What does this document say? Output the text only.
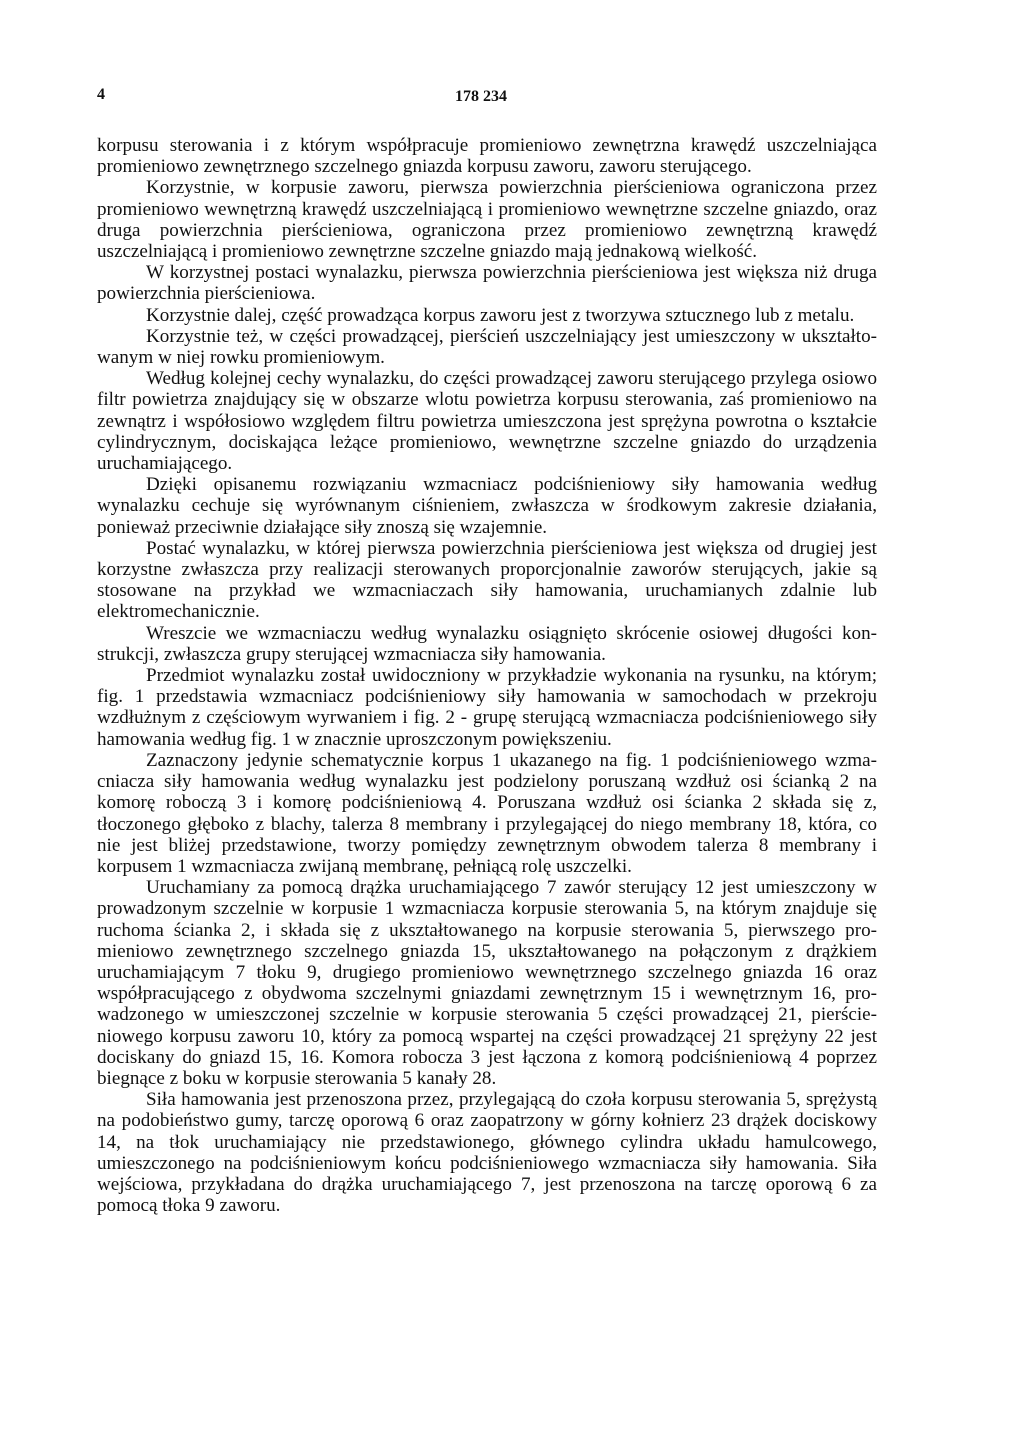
4	178 234

korpusu sterowania i z którym współpracuje promieniowo zewnętrzna krawędź uszczelniająca promieniowo zewnętrznego szczelnego gniazda korpusu zaworu, zaworu sterującego.

Korzystnie, w korpusie zaworu, pierwsza powierzchnia pierścieniowa ograniczona przez promieniowo wewnętrzną krawędź uszczelniającą i promieniowo wewnętrzne szczelne gniazdo, oraz druga powierzchnia pierścieniowa, ograniczona przez promieniowo zewnętrzną krawędź uszczelniającą i promieniowo zewnętrzne szczelne gniazdo mają jednakową wielkość.

W korzystnej postaci wynalazku, pierwsza powierzchnia pierścieniowa jest większa niż druga powierzchnia pierścieniowa.

Korzystnie dalej, część prowadząca korpus zaworu jest z tworzywa sztucznego lub z metalu.

Korzystnie też, w części prowadzącej, pierścień uszczelniający jest umieszczony w ukształtowanym w niej rowku promieniowym.

Według kolejnej cechy wynalazku, do części prowadzącej zaworu sterującego przylega osiowo filtr powietrza znajdujący się w obszarze wlotu powietrza korpusu sterowania, zaś promieniowo na zewnątrz i współosiowo względem filtru powietrza umieszczona jest sprężyna powrotna o kształcie cylindrycznym, dociskająca leżące promieniowo, wewnętrzne szczelne gniazdo do urządzenia uruchamiającego.

Dzięki opisanemu rozwiązaniu wzmacniacz podciśnieniowy siły hamowania według wynalazku cechuje się wyrównanym ciśnieniem, zwłaszcza w środkowym zakresie działania, ponieważ przeciwnie działające siły znoszą się wzajemnie.

Postać wynalazku, w której pierwsza powierzchnia pierścieniowa jest większa od drugiej jest korzystne zwłaszcza przy realizacji sterowanych proporcjonalnie zaworów sterujących, jakie są stosowane na przykład we wzmacniaczach siły hamowania, uruchamianych zdalnie lub elektromechanicznie.

Wreszcie we wzmacniaczu według wynalazku osiągnięto skrócenie osiowej długości konstrukcji, zwłaszcza grupy sterującej wzmacniacza siły hamowania.

Przedmiot wynalazku został uwidoczniony w przykładzie wykonania na rysunku, na którym; fig. 1 przedstawia wzmacniacz podciśnieniowy siły hamowania w samochodach w przekroju wzdłużnym z częściowym wyrwaniem i fig. 2 - grupę sterującą wzmacniacza podciśnieniowego siły hamowania według fig. 1 w znacznie uproszczonym powiększeniu.

Zaznaczony jedynie schematycznie korpus 1 ukazanego na fig. 1 podciśnieniowego wzmacniacza siły hamowania według wynalazku jest podzielony poruszaną wzdłuż osi ścianką 2 na komorę roboczą 3 i komorę podciśnieniową 4. Poruszana wzdłuż osi ścianka 2 składa się z, tłoczonego głęboko z blachy, talerza 8 membrany i przylegającej do niego membrany 18, która, co nie jest bliżej przedstawione, tworzy pomiędzy zewnętrznym obwodem talerza 8 membrany i korpusem 1 wzmacniacza zwijaną membranę, pełniącą rolę uszczelki.

Uruchamiany za pomocą drążka uruchamiającego 7 zawór sterujący 12 jest umieszczony w prowadzonym szczelnie w korpusie 1 wzmacniacza korpusie sterowania 5, na którym znajduje się ruchoma ścianka 2, i składa się z ukształtowanego na korpusie sterowania 5, pierwszego promieniowo zewnętrznego szczelnego gniazda 15, ukształtowanego na połączonym z drążkiem uruchamiającym 7 tłoku 9, drugiego promieniowo wewnętrznego szczelnego gniazda 16 oraz współpracującego z obydwoma szczelnymi gniazdami zewnętrznym 15 i wewnętrznym 16, prowadzonego w umieszczonej szczelnie w korpusie sterowania 5 części prowadzącej 21, pierścieniowego korpusu zaworu 10, który za pomocą wspartej na części prowadzącej 21 sprężyny 22 jest dociskany do gniazd 15, 16. Komora robocza 3 jest łączona z komorą podciśnieniową 4 poprzez biegnące z boku w korpusie sterowania 5 kanały 28.

Siła hamowania jest przenoszona przez, przylegającą do czoła korpusu sterowania 5, sprężystą na podobieństwo gumy, tarczę oporową 6 oraz zaopatrzony w górny kołnierz 23 drążek dociskowy 14, na tłok uruchamiający nie przedstawionego, głównego cylindra układu hamulcowego, umieszczonego na podciśnieniowym końcu podciśnieniowego wzmacniacza siły hamowania. Siła wejściowa, przykładana do drążka uruchamiającego 7, jest przenoszona na tarczę oporową 6 za pomocą tłoka 9 zaworu.
